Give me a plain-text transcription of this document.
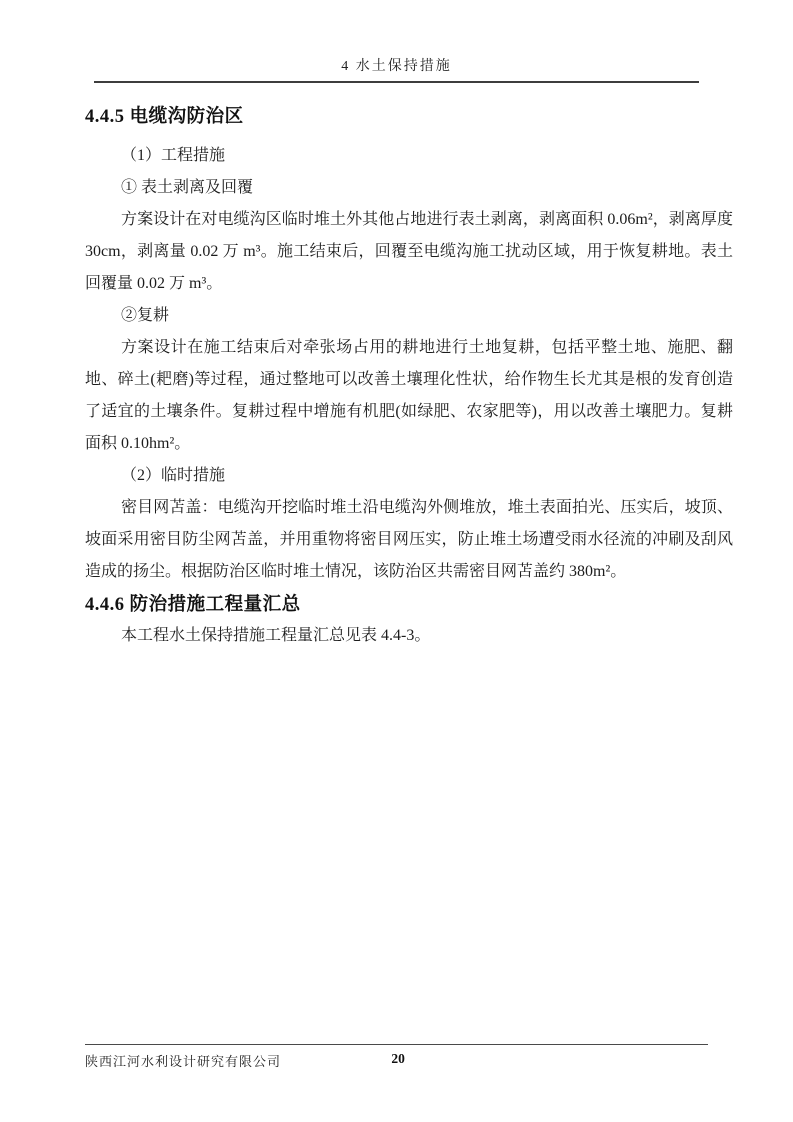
4 水土保持措施
4.4.5 电缆沟防治区

（1）工程措施

① 表土剥离及回覆

方案设计在对电缆沟区临时堆土外其他占地进行表土剥离，剥离面积 0.06m²，剥离厚度 30cm，剥离量 0.02 万 m³。施工结束后，回覆至电缆沟施工扰动区域，用于恢复耕地。表土回覆量 0.02 万 m³。

②复耕

方案设计在施工结束后对牵张场占用的耕地进行土地复耕，包括平整土地、施肥、翻地、碎土(耙磨)等过程，通过整地可以改善土壤理化性状，给作物生长尤其是根的发育创造了适宜的土壤条件。复耕过程中增施有机肥(如绿肥、农家肥等)，用以改善土壤肥力。复耕面积 0.10hm²。

（2）临时措施

密目网苫盖：电缆沟开挖临时堆土沿电缆沟外侧堆放，堆土表面拍光、压实后，坡顶、坡面采用密目防尘网苫盖，并用重物将密目网压实，防止堆土场遭受雨水径流的冲刷及刮风造成的扬尘。根据防治区临时堆土情况，该防治区共需密目网苫盖约 380m²。

4.4.6 防治措施工程量汇总

本工程水土保持措施工程量汇总见表 4.4-3。

陕西江河水利设计研究有限公司	20
